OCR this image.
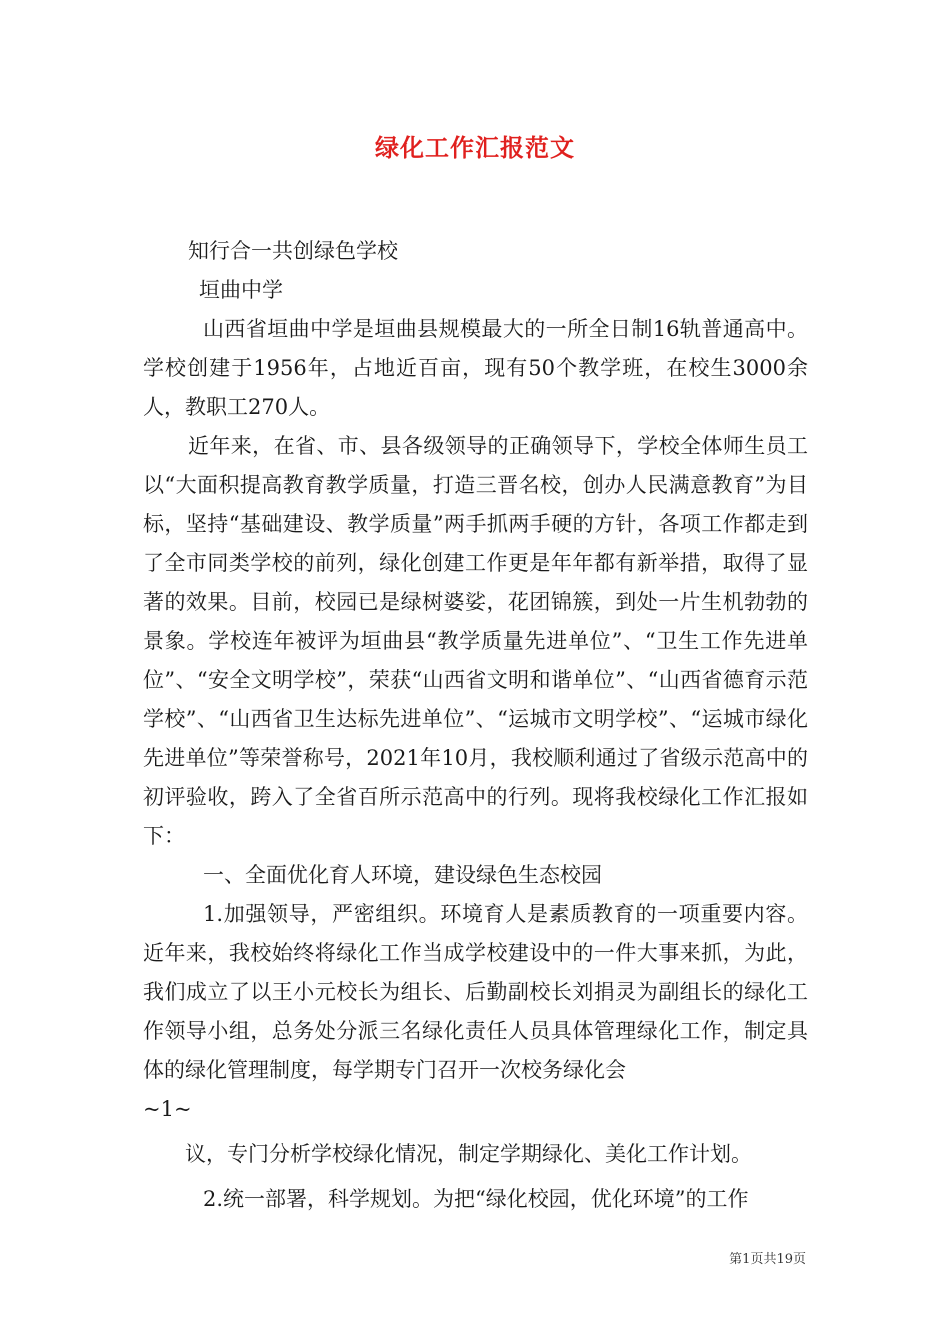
绿化工作汇报范文

知行合一共创绿色学校

垣曲中学

山西省垣曲中学是垣曲县规模最大的一所全日制16轨普通高中。学校创建于1956年，占地近百亩，现有50个教学班，在校生3000余人，教职工270人。

近年来，在省、市、县各级领导的正确领导下，学校全体师生员工以“大面积提高教育教学质量，打造三晋名校，创办人民满意教育”为目标，坚持“基础建设、教学质量”两手抓两手硬的方针，各项工作都走到了全市同类学校的前列，绿化创建工作更是年年都有新举措，取得了显著的效果。目前，校园已是绿树婆娑，花团锦簇，到处一片生机勃勃的景象。学校连年被评为垣曲县“教学质量先进单位”、“卫生工作先进单位”、“安全文明学校”，荣获“山西省文明和谐单位”、“山西省德育示范学校”、“山西省卫生达标先进单位”、“运城市文明学校”、“运城市绿化先进单位”等荣誉称号，2021年10月，我校顺利通过了省级示范高中的初评验收，跨入了全省百所示范高中的行列。现将我校绿化工作汇报如下：

一、全面优化育人环境，建设绿色生态校园

1.加强领导，严密组织。环境育人是素质教育的一项重要内容。近年来，我校始终将绿化工作当成学校建设中的一件大事来抓，为此，我们成立了以王小元校长为组长、后勤副校长刘捐灵为副组长的绿化工作领导小组，总务处分派三名绿化责任人员具体管理绿化工作，制定具体的绿化管理制度，每学期专门召开一次校务绿化会

~1~

议，专门分析学校绿化情况，制定学期绿化、美化工作计划。

2.统一部署，科学规划。为把“绿化校园，优化环境”的工作

第1页共19页
